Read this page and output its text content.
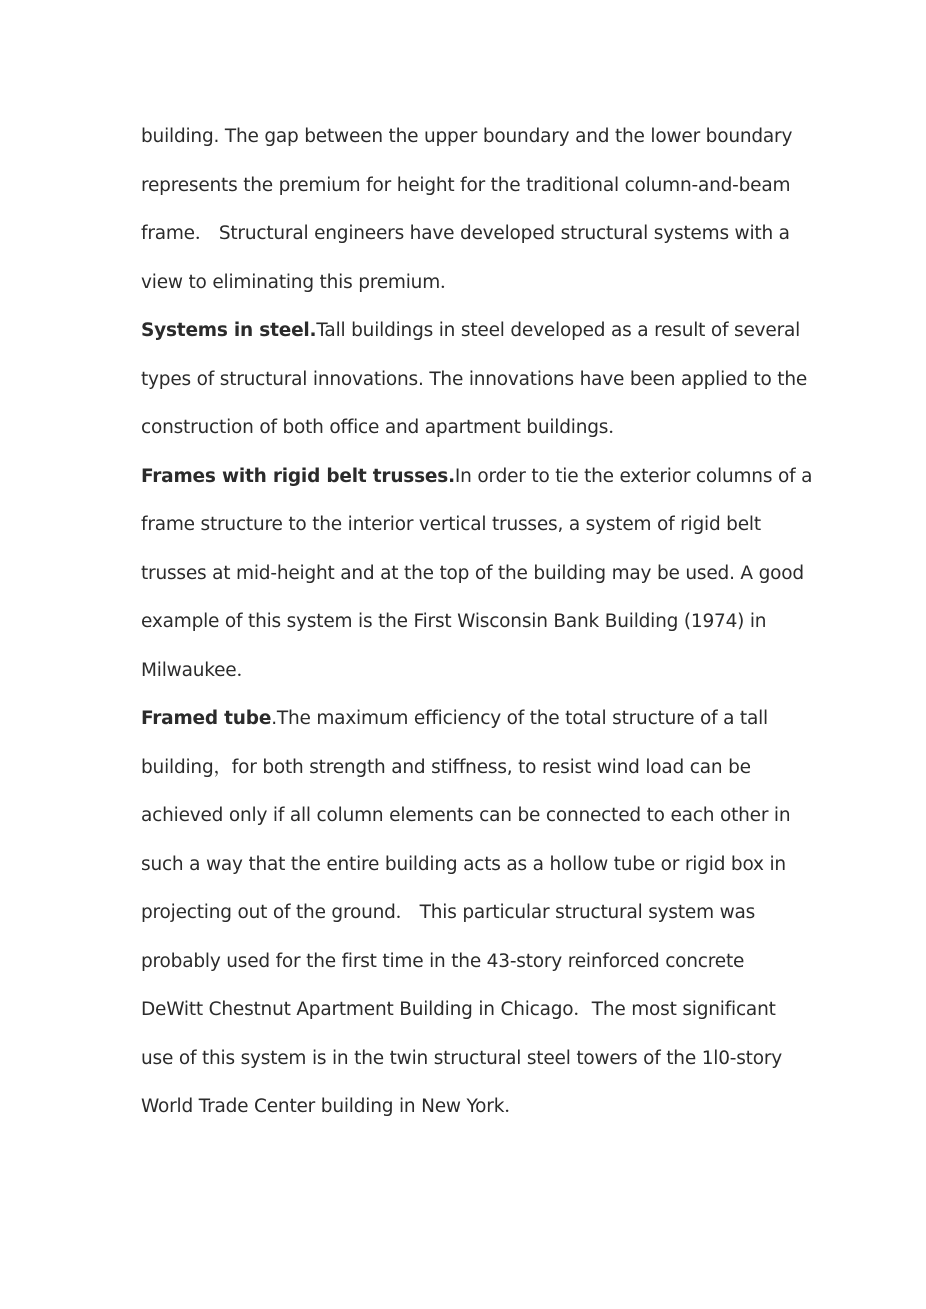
building. The gap between the upper boundary and the lower boundary
represents the premium for height for the traditional column-and-beam
frame． Structural engineers have developed structural systems with a
view to eliminating this premium．
Systems in steel.Tall buildings in steel developed as a result of several
types of structural innovations. The innovations have been applied to the
construction of both office and apartment buildings．
Frames with rigid belt trusses.In order to tie the exterior columns of a
frame structure to the interior vertical trusses, a system of rigid belt
trusses at mid-height and at the top of the building may be used. A good
example of this system is the First Wisconsin Bank Building (1974) in
Milwaukee．
Framed tube.The maximum efficiency of the total structure of a tall
building，for both strength and stiffness, to resist wind load can be
achieved only if all column elements can be connected to each other in
such a way that the entire building acts as a hollow tube or rigid box in
projecting out of the ground． This particular structural system was
probably used for the first time in the 43-story reinforced concrete
DeWitt Chestnut Apartment Building in Chicago．The most significant
use of this system is in the twin structural steel towers of the 1l0-story
World Trade Center building in New York．
